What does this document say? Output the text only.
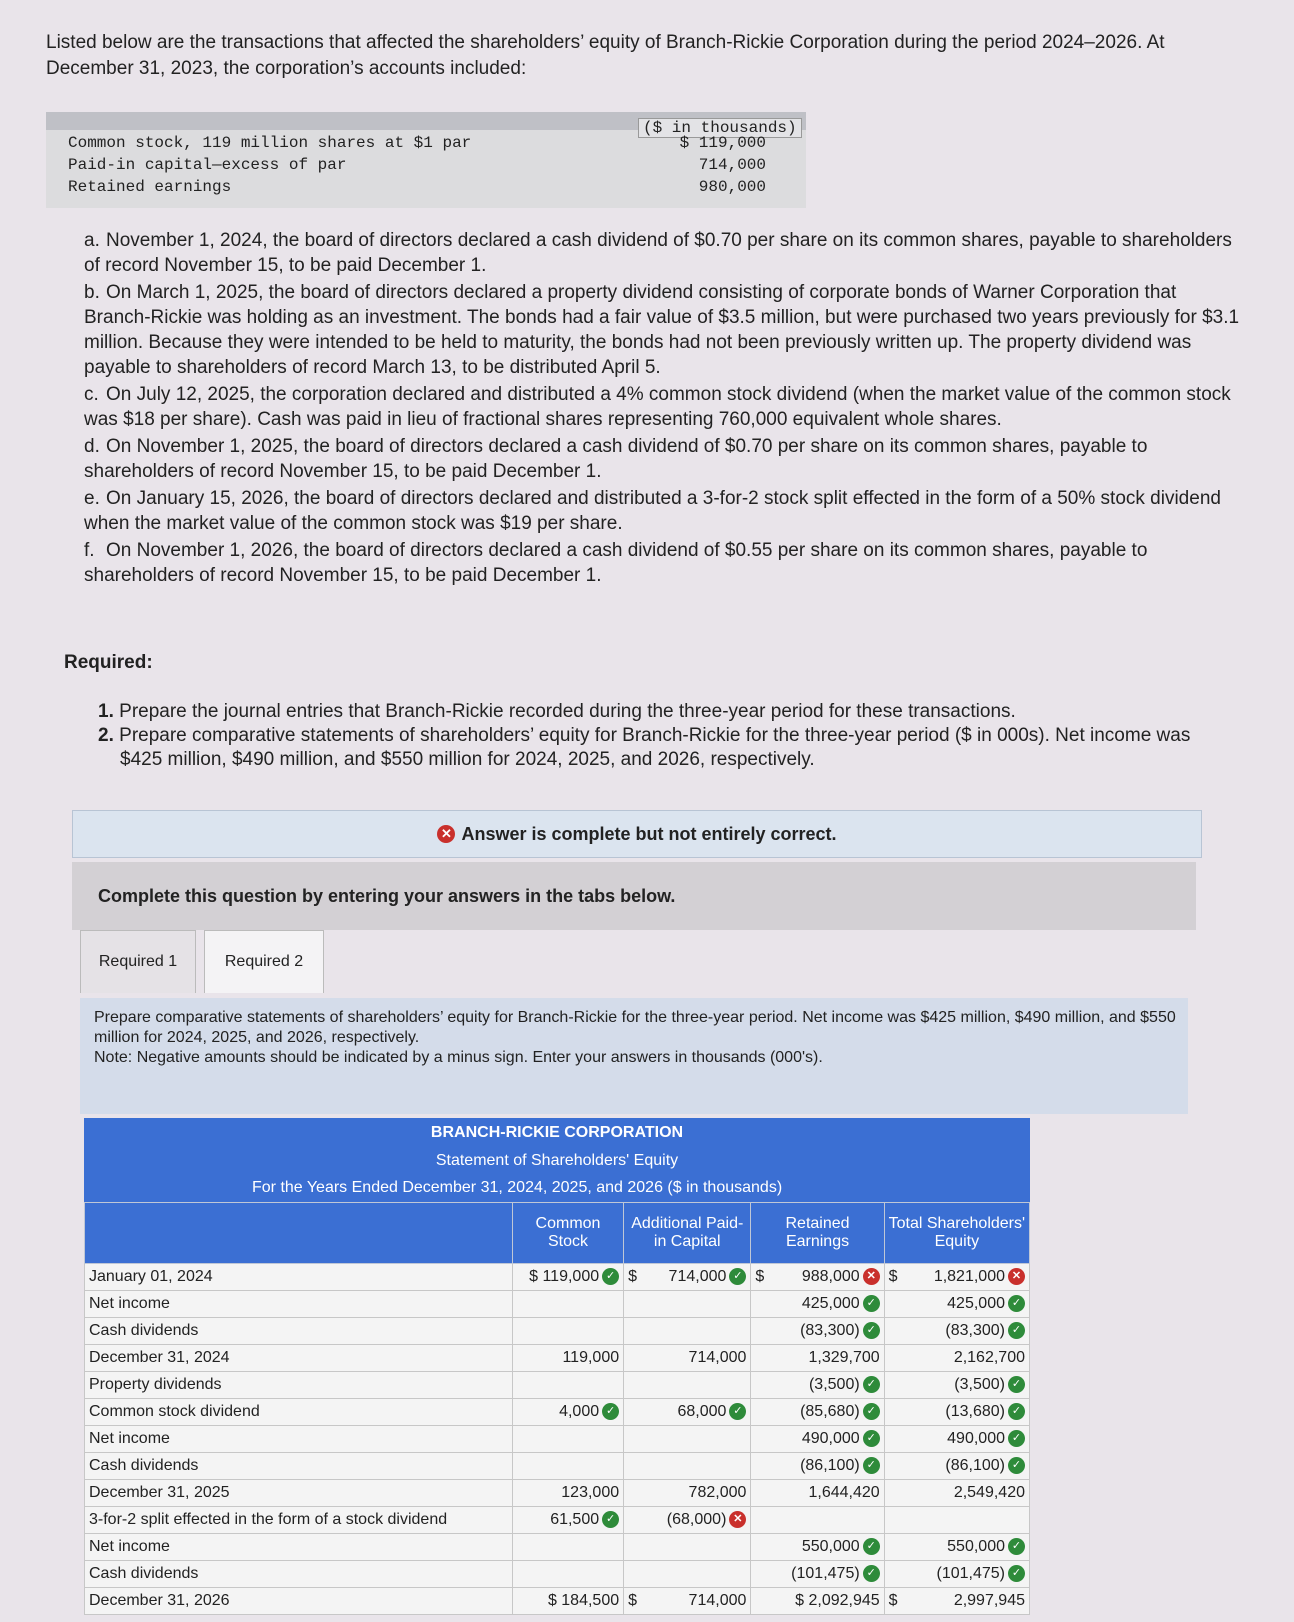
Listed below are the transactions that affected the shareholders’ equity of Branch-Rickie Corporation during the period 2024–2026. At December 31, 2023, the corporation’s accounts included:
($ in thousands)
Common stock, 119 million shares at $1 par	$ 119,000
Paid-in capital—excess of par	714,000
Retained earnings	980,000
a. November 1, 2024, the board of directors declared a cash dividend of $0.70 per share on its common shares, payable to shareholders of record November 15, to be paid December 1.
b. On March 1, 2025, the board of directors declared a property dividend consisting of corporate bonds of Warner Corporation that Branch-Rickie was holding as an investment. The bonds had a fair value of $3.5 million, but were purchased two years previously for $3.1 million. Because they were intended to be held to maturity, the bonds had not been previously written up. The property dividend was payable to shareholders of record March 13, to be distributed April 5.
c. On July 12, 2025, the corporation declared and distributed a 4% common stock dividend (when the market value of the common stock was $18 per share). Cash was paid in lieu of fractional shares representing 760,000 equivalent whole shares.
d. On November 1, 2025, the board of directors declared a cash dividend of $0.70 per share on its common shares, payable to shareholders of record November 15, to be paid December 1.
e. On January 15, 2026, the board of directors declared and distributed a 3-for-2 stock split effected in the form of a 50% stock dividend when the market value of the common stock was $19 per share.
f. On November 1, 2026, the board of directors declared a cash dividend of $0.55 per share on its common shares, payable to shareholders of record November 15, to be paid December 1.
Required:
1. Prepare the journal entries that Branch-Rickie recorded during the three-year period for these transactions.
2. Prepare comparative statements of shareholders’ equity for Branch-Rickie for the three-year period ($ in 000s). Net income was $425 million, $490 million, and $550 million for 2024, 2025, and 2026, respectively.
✕ Answer is complete but not entirely correct.
Complete this question by entering your answers in the tabs below.
Required 1	Required 2
Prepare comparative statements of shareholders’ equity for Branch-Rickie for the three-year period. Net income was $425 million, $490 million, and $550 million for 2024, 2025, and 2026, respectively.
Note: Negative amounts should be indicated by a minus sign. Enter your answers in thousands (000's).
BRANCH-RICKIE CORPORATION
Statement of Shareholders' Equity
For the Years Ended December 31, 2024, 2025, and 2026 ($ in thousands)
	Common Stock	Additional Paid-in Capital	Retained Earnings	Total Shareholders' Equity
January 01, 2024	$ 119,000 ✓	$ 714,000 ✓	$ 988,000 ✕	$ 1,821,000 ✕
Net income			425,000 ✓	425,000 ✓
Cash dividends			(83,300) ✓	(83,300) ✓
December 31, 2024	119,000	714,000	1,329,700	2,162,700
Property dividends			(3,500) ✓	(3,500) ✓
Common stock dividend	4,000 ✓	68,000 ✓	(85,680) ✓	(13,680) ✓
Net income			490,000 ✓	490,000 ✓
Cash dividends			(86,100) ✓	(86,100) ✓
December 31, 2025	123,000	782,000	1,644,420	2,549,420
3-for-2 split effected in the form of a stock dividend	61,500 ✓	(68,000) ✕		
Net income			550,000 ✓	550,000 ✓
Cash dividends			(101,475) ✓	(101,475) ✓
December 31, 2026	$ 184,500	$ 714,000	$ 2,092,945	$ 2,997,945
